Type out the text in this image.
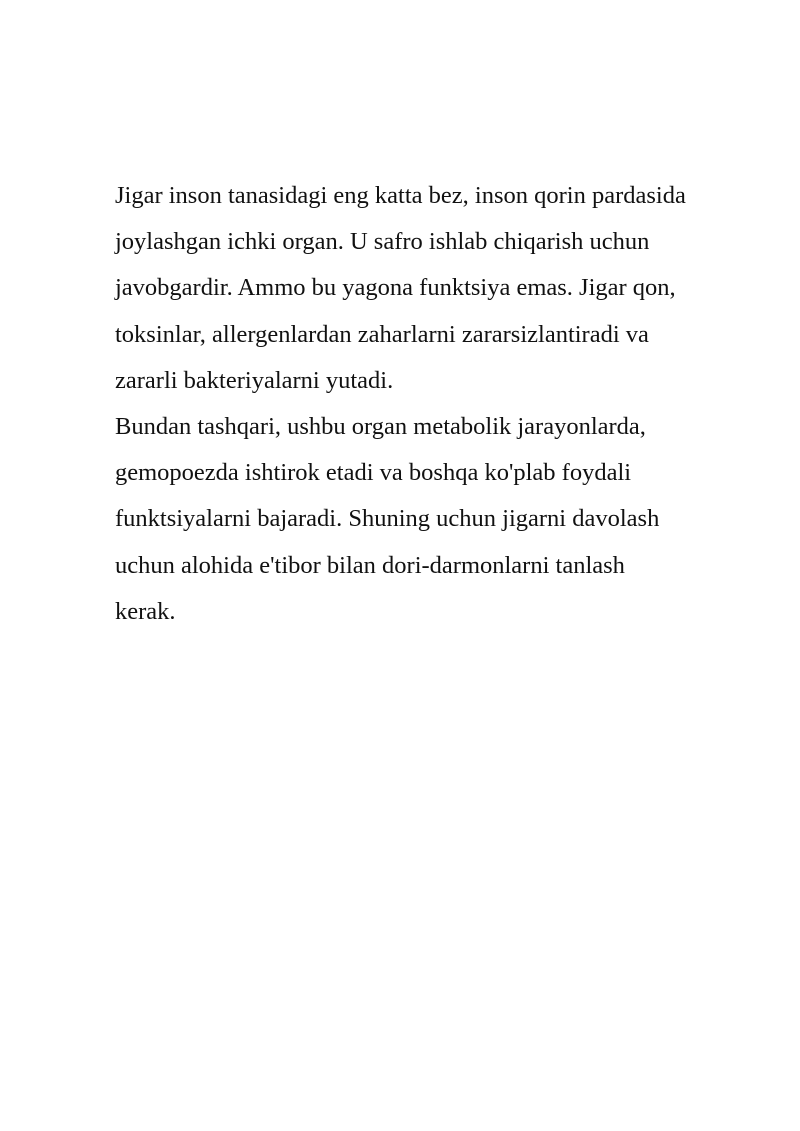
Jigar inson tanasidagi eng katta bez, inson qorin pardasida
joylashgan ichki organ. U safro ishlab chiqarish uchun
javobgardir. Ammo bu yagona funktsiya emas. Jigar qon,
toksinlar, allergenlardan zaharlarni zararsizlantiradi va
zararli bakteriyalarni yutadi.
Bundan tashqari, ushbu organ metabolik jarayonlarda,
gemopoezda ishtirok etadi va boshqa ko'plab foydali
funktsiyalarni bajaradi. Shuning uchun jigarni davolash
uchun alohida e'tibor bilan dori-darmonlarni tanlash
kerak.
